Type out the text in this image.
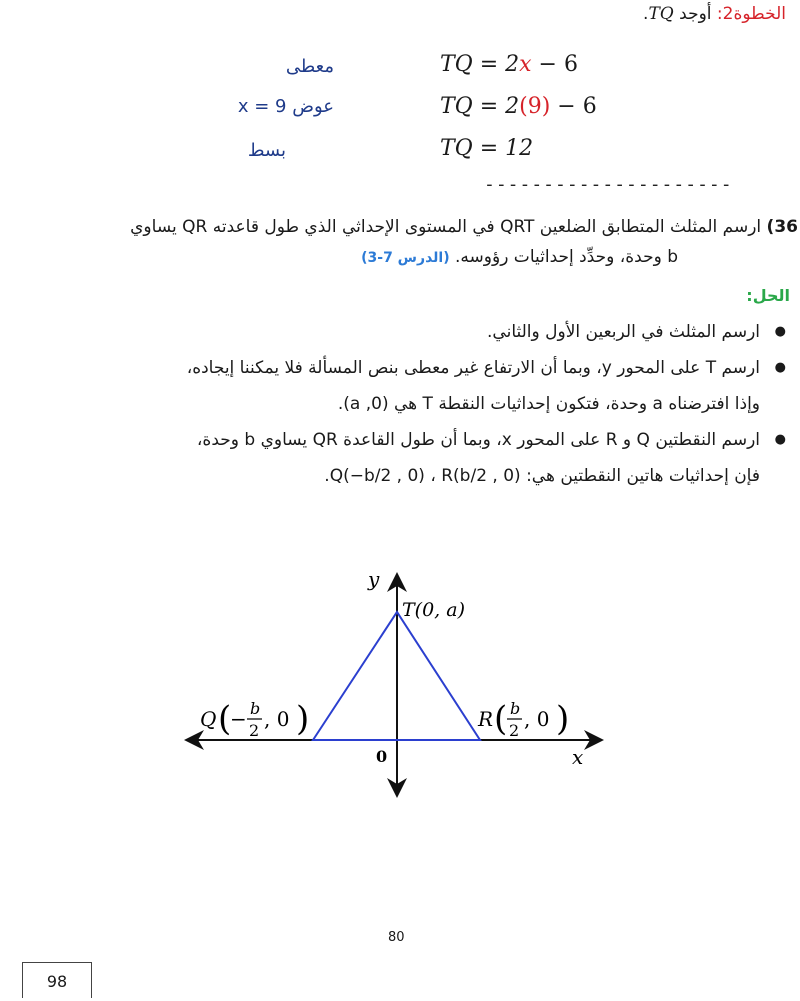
الخطوة2: أوجد TQ.
TQ = 2x − 6
معطى
TQ = 2(9) − 6
عوض x = 9
TQ = 12
بسط
---------------------
36) ارسم المثلث المتطابق الضلعين QRT في المستوى الإحداثي الذي طول قاعدته QR يساوي
b وحدة، وحدِّد إحداثيات رؤوسه. (الدرس 7-3)
الحل:
● ارسم المثلث في الربعين الأول والثاني.
● ارسم T على المحور y، وبما أن الارتفاع غير معطى بنص المسألة فلا يمكننا إيجاده،
وإذا افترضناه a وحدة، فتكون إحداثيات النقطة T هي (0, a).
● ارسم النقطتين Q و R على المحور x، وبما أن طول القاعدة QR يساوي b وحدة،
فإن إحداثيات هاتين النقطتين هي: Q(−b/2 , 0) ، R(b/2 , 0).
y
x
0
T(0, a)
Q (
− b
2 , 0 )	R ( b
2 , 0 )
80
98
